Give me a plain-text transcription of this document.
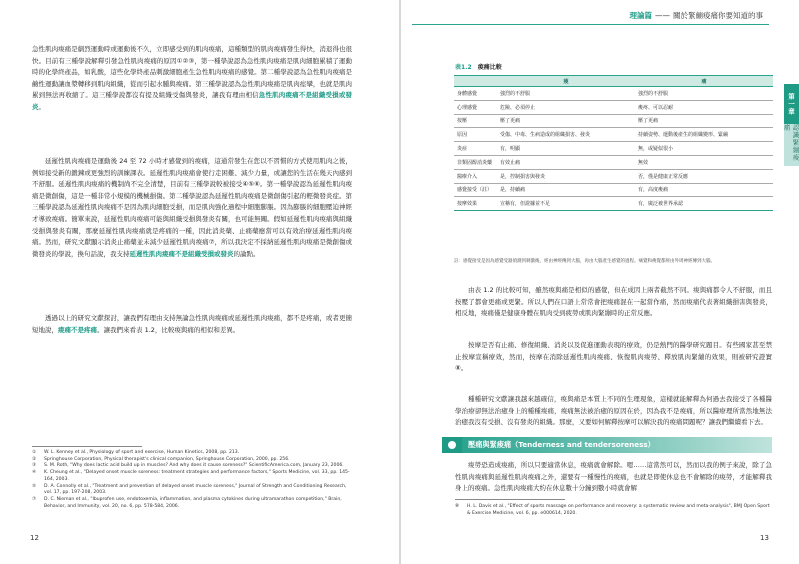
急性肌肉痠痛是劇烈運動時或運動後不久，立即感受到的肌肉痠痛，這種類型的肌肉痠痛發生得快，消退得也很快。目前有三種學說解釋引發急性肌肉痠痛的原因①②③，第一種學說認為急性肌肉痠痛是肌肉細胞累積了運動時的化學終產品，如乳酸，這些化學終產品刺激細胞產生急性肌肉痠痛的感覺。第二種學說認為急性肌肉痠痛是鹼性運動讓血漿轉移到肌肉組織，從而引起水腫與痠痛。第三種學說認為急性肌肉痠痛是肌肉痙攣，也就是肌肉累到無法再收縮了。這三種學說都沒有提及組織受傷與發炎，讓我有理由相信急性肌肉痠痛不是組織受損或發炎。
延遲性肌肉痠痛是運動後 24 至 72 小時才感覺到的痠痛，這通常發生在您以不習慣的方式使用肌肉之後，例如接受新的鍛鍊或更強烈的訓練課表。延遲性肌肉痠痛會使行走困難、減少力量，或讓您的生活在幾天內感到不舒服。延遲性肌肉痠痛的機制尚不完全清楚，目前有三種學說較被接受④⑤⑥。第一種學說認為延遲性肌肉痠痛是微創傷，這是一種非常小規模的機械損傷。第二種學說認為延遲性肌肉痠痛是微創傷引起的輕微發炎症。第三種學說認為延遲性肌肉痠痛不是因為肌肉細胞受損，而是肌肉強化過程中細胞膨脹。因為膨脹的細胞壓迫神經才導致痠痛。簡單來說，延遲性肌肉痠痛可能與組織受損與發炎有關，也可能無關。假如延遲性肌肉痠痛與組織受損與發炎有關，那麼延遲性肌肉痠痛就是疼痛的一種，因此消炎藥、止痛藥應當可以有效治療延遲性肌肉痠痛。然而，研究文獻顯示消炎止痛藥並未減少延遲性肌肉痠痛⑦，所以我決定不採納延遲性肌肉痠痛是微創傷或微發炎的學說，換句話說，我支持延遲性肌肉痠痛不是組織受損或發炎的論點。
透過以上的研究文獻探討，讓我們有理由支持無論急性肌肉痠痛或延遲性肌肉痠痛，都不是疼痛，或者更簡短地說，痠痛不是疼痛。讓我們來看表 1.2，比較痠與痛的相似和差異。
①	W. L. Kenney et al., Physiology of sport and exercise, Human Kinetics, 2008, pp. 213.
②	Springhouse Corporation, Physical therapist's clinical companion, Springhouse Corporation, 2000, pp. 256.
③	S. M. Roth, "Why does lactic acid build up in muscles? And why does it cause soreness?" ScientificAmerica.com, January 23, 2006.
④	K. Cheung et al., "Delayed onset muscle soreness: treatment strategies and performance factors," Sports Medicine, vol. 33, pp. 145-164, 2003.
⑤	D. A. Connolly et al., "Treatment and prevention of delayed onset muscle soreness," Journal of Strength and Conditioning Research, vol. 17, pp. 197-208, 2003.
⑦	D. C. Nieman et al., "Ibuprofen use, endotoxemia, inflammation, and plasma cytokines during ultramarathon competition," Brain, Behavior, and Immunity, vol. 20, no. 6, pp. 578-584, 2006.
12
理論篇 —— 關於緊繃痠痛你要知道的事
第一章
認識緊繃痠痛
表1.2 痠痛比較
	痠	痛
身體感覺	強烈的不舒服	強烈的不舒服
心理感覺	危險、必須停止	痠疼、可以忍耐
按壓	壓了更痛	壓了更痛
原因	受傷、中毒、生病造成的組織損害、發炎	持續姿勢、運動後產生的組織變形、緊繃
炎症	有，明顯	無，或疑似很小
非類固醇消炎藥	有效止痛	無效
醫療介入	是，控制損害與發炎	否，僅是健康正常反應
感覺接受（註）	是，持續痛	有，高度痠痛
按摩效果	宣稱有，但證據並不足	有，廣泛被世界承認
註：感覺接受是因為感覺受器偵測到刺激後，經由神經傳到大腦，再由大腦產生感覺的過程。痛覺和痠覺都經由外周神經傳到大腦。
由表 1.2 的比較可知，雖然痠與痛是相似的感覺，但在成因上兩者截然不同。痠與痛都令人不舒服，而且按壓了都會更痛或更緊。所以人們在口語上常常會把痠痛混在一起當作痛，然而痠痛代表著組織損害與發炎，相反地，痠痛僅是健康身體在肌肉受到疲勞或肌肉緊繃時的正常反應。
按摩是否有止痛、修復組織、消炎以及促進運動表現的療效，仍是熱門的醫學研究題目。有些國家甚至禁止按摩宣稱療效，然而，按摩在消除延遲性肌肉痠痛、恢復肌肉痠勞、釋放肌肉緊繃的效果，則被研究證實⑧。
種種研究文獻讓我越來越確信，痠與痛是本質上不同的生理現象，這樣就能解釋為何過去我接受了各種醫學治療卻無法治癒身上的種種痠痛，痠痛無法被治癒的原因在於，因為我不是痠痛，所以醫療理所當然地無法治癒我沒有受損、沒有發炎的組織。那麼，又要如何解釋按摩可以解決我的痠痛問題呢？讓我們繼續看下去。
壓痛與緊痠痛（Tenderness and tendersoreness）
13
⑧	H. L. Davis et al., "Effect of sports massage on performance and recovery: a systematic review and meta-analysis", BMJ Open Sport & Exercise Medicine, vol. 6, pp. e000614, 2020.
痠勞恐造成痠痛，所以只要適當休息，痠痛就會解除。嗯……這當然可以，然而以我的例子來說，除了急性肌肉痠痛與延遲性肌肉痠痛之外，還要有一種慢性的痠痛，也就是即使休息也不會解除的痠勞，才能解釋我身上的痠痛。急性肌肉痠痛大約在休息數十分鐘到數小時就會解
